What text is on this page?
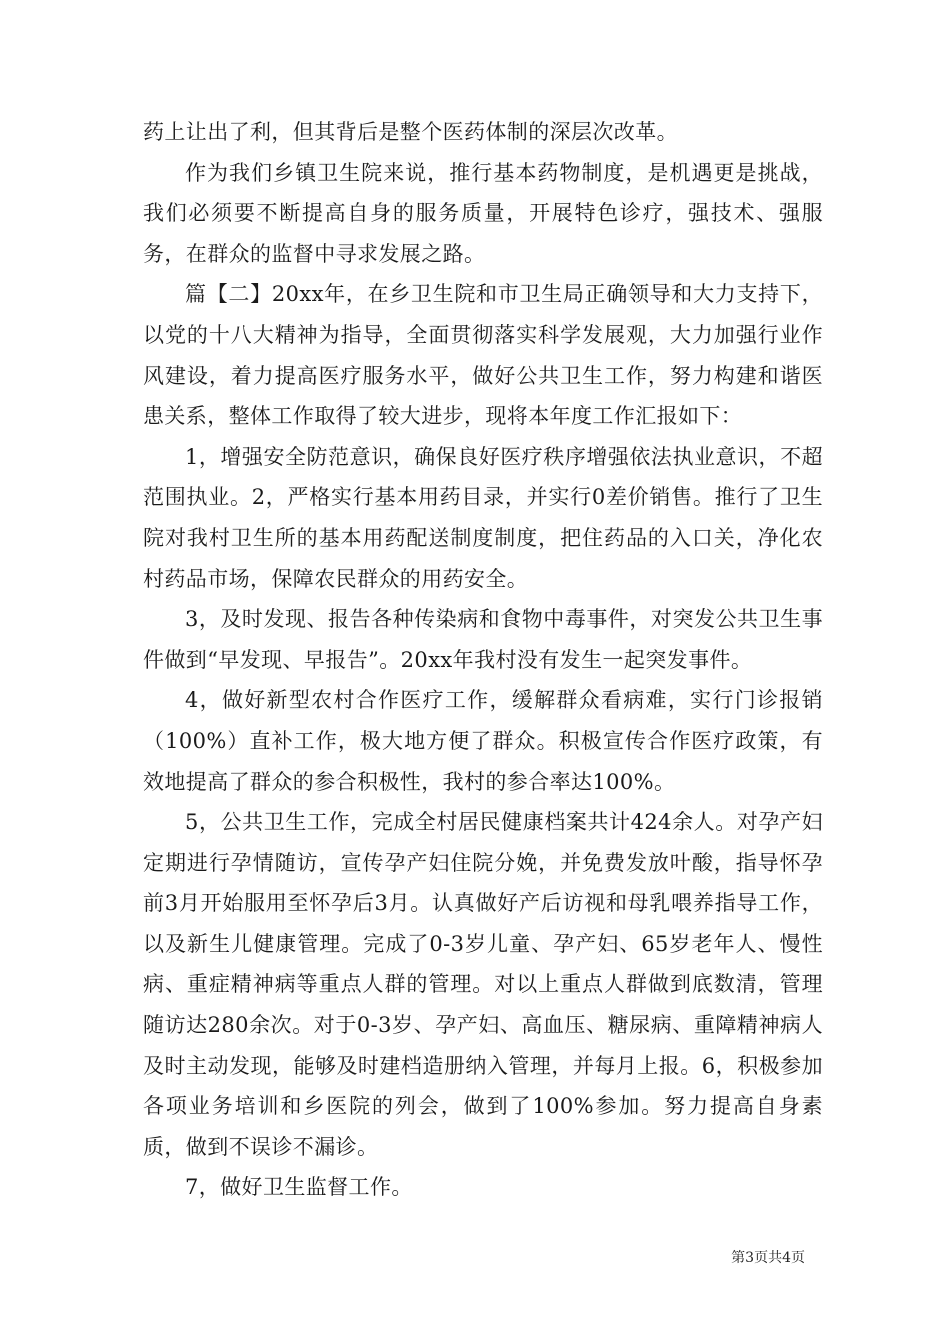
药上让出了利，但其背后是整个医药体制的深层次改革。

作为我们乡镇卫生院来说，推行基本药物制度，是机遇更是挑战，我们必须要不断提高自身的服务质量，开展特色诊疗，强技术、强服务，在群众的监督中寻求发展之路。

篇【二】20xx年，在乡卫生院和市卫生局正确领导和大力支持下，以党的十八大精神为指导，全面贯彻落实科学发展观，大力加强行业作风建设，着力提高医疗服务水平，做好公共卫生工作，努力构建和谐医患关系，整体工作取得了较大进步，现将本年度工作汇报如下：

1，增强安全防范意识，确保良好医疗秩序增强依法执业意识，不超范围执业。2，严格实行基本用药目录，并实行0差价销售。推行了卫生院对我村卫生所的基本用药配送制度制度，把住药品的入口关，净化农村药品市场，保障农民群众的用药安全。

3，及时发现、报告各种传染病和食物中毒事件，对突发公共卫生事件做到“早发现、早报告”。20xx年我村没有发生一起突发事件。

4，做好新型农村合作医疗工作，缓解群众看病难，实行门诊报销（100%）直补工作，极大地方便了群众。积极宣传合作医疗政策，有效地提高了群众的参合积极性，我村的参合率达100%。

5，公共卫生工作，完成全村居民健康档案共计424余人。对孕产妇定期进行孕情随访，宣传孕产妇住院分娩，并免费发放叶酸，指导怀孕前3月开始服用至怀孕后3月。认真做好产后访视和母乳喂养指导工作，以及新生儿健康管理。完成了0-3岁儿童、孕产妇、65岁老年人、慢性病、重症精神病等重点人群的管理。对以上重点人群做到底数清，管理随访达280余次。对于0-3岁、孕产妇、高血压、糖尿病、重障精神病人及时主动发现，能够及时建档造册纳入管理，并每月上报。6，积极参加各项业务培训和乡医院的列会，做到了100%参加。努力提高自身素质，做到不误诊不漏诊。

7，做好卫生监督工作。

第3页共4页
